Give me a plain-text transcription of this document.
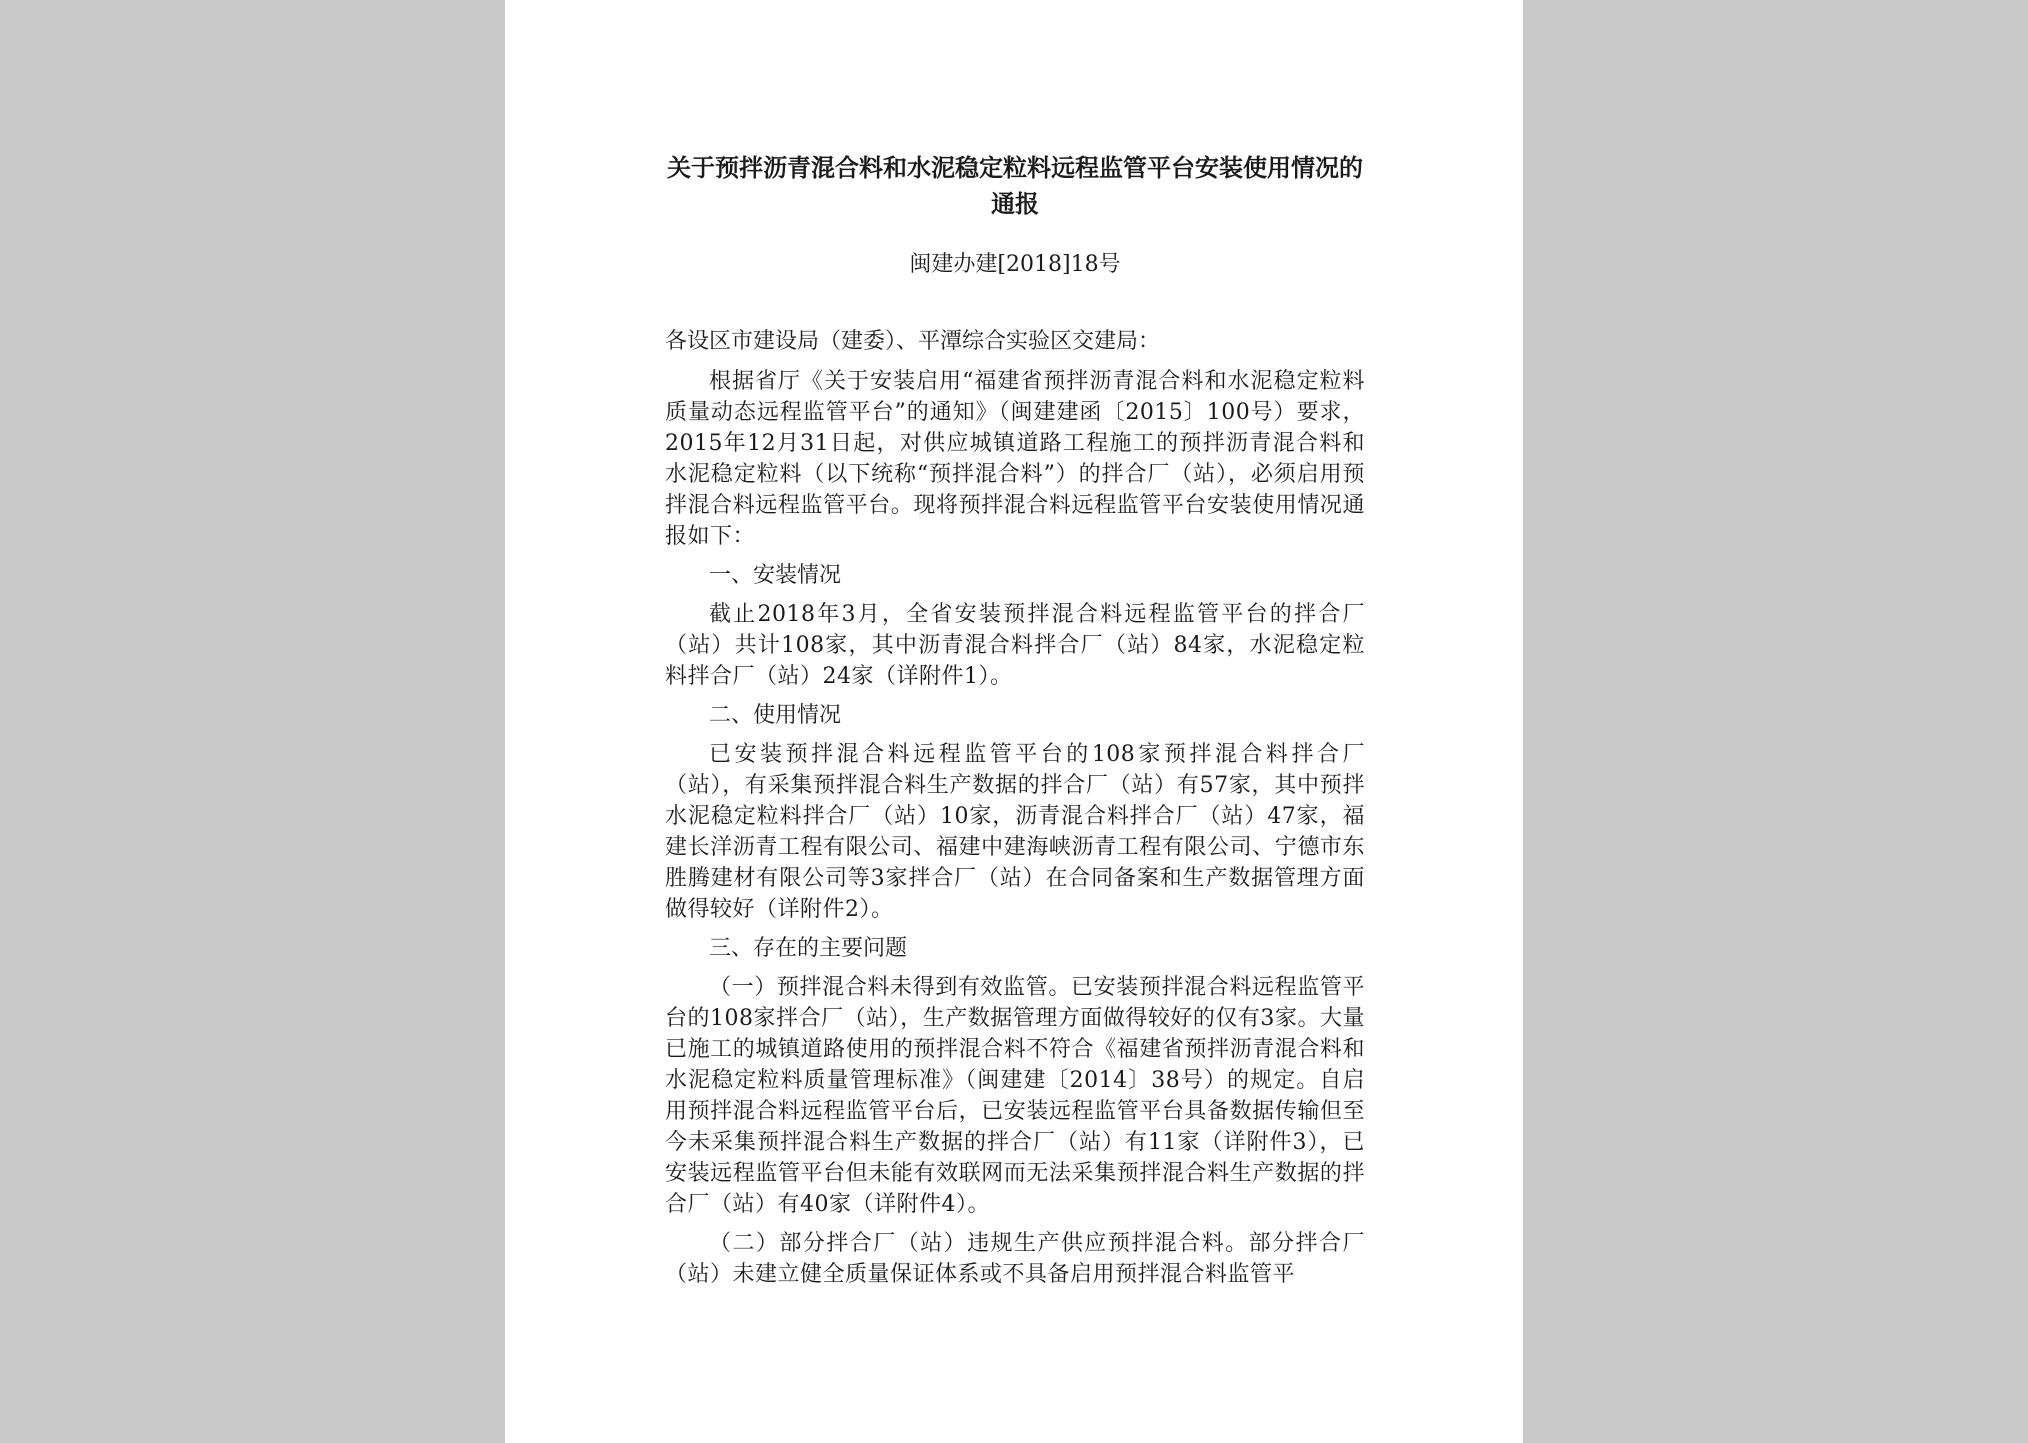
关于预拌沥青混合料和水泥稳定粒料远程监管平台安装使用情况的

通报

闽建办建[2018]18号
各设区市建设局（建委）、平潭综合实验区交建局：
根据省厅《关于安装启用“福建省预拌沥青混合料和水泥稳定粒料质量动态远程监管平台”的通知》（闽建建函〔2015〕100号）要求，2015年12月31日起，对供应城镇道路工程施工的预拌沥青混合料和水泥稳定粒料（以下统称“预拌混合料”）的拌合厂（站），必须启用预拌混合料远程监管平台。现将预拌混合料远程监管平台安装使用情况通报如下：
一、安装情况
截止2018年3月，全省安装预拌混合料远程监管平台的拌合厂（站）共计108家，其中沥青混合料拌合厂（站）84家，水泥稳定粒料拌合厂（站）24家（详附件1）。
二、使用情况
已安装预拌混合料远程监管平台的108家预拌混合料拌合厂（站），有采集预拌混合料生产数据的拌合厂（站）有57家，其中预拌水泥稳定粒料拌合厂（站）10家，沥青混合料拌合厂（站）47家，福建长洋沥青工程有限公司、福建中建海峡沥青工程有限公司、宁德市东胜腾建材有限公司等3家拌合厂（站）在合同备案和生产数据管理方面做得较好（详附件2）。
三、存在的主要问题
（一）预拌混合料未得到有效监管。已安装预拌混合料远程监管平台的108家拌合厂（站），生产数据管理方面做得较好的仅有3家。大量已施工的城镇道路使用的预拌混合料不符合《福建省预拌沥青混合料和水泥稳定粒料质量管理标准》（闽建建〔2014〕38号）的规定。自启用预拌混合料远程监管平台后，已安装远程监管平台具备数据传输但至今未采集预拌混合料生产数据的拌合厂（站）有11家（详附件3），已安装远程监管平台但未能有效联网而无法采集预拌混合料生产数据的拌合厂（站）有40家（详附件4）。
（二）部分拌合厂（站）违规生产供应预拌混合料。部分拌合厂（站）未建立健全质量保证体系或不具备启用预拌混合料监管平
